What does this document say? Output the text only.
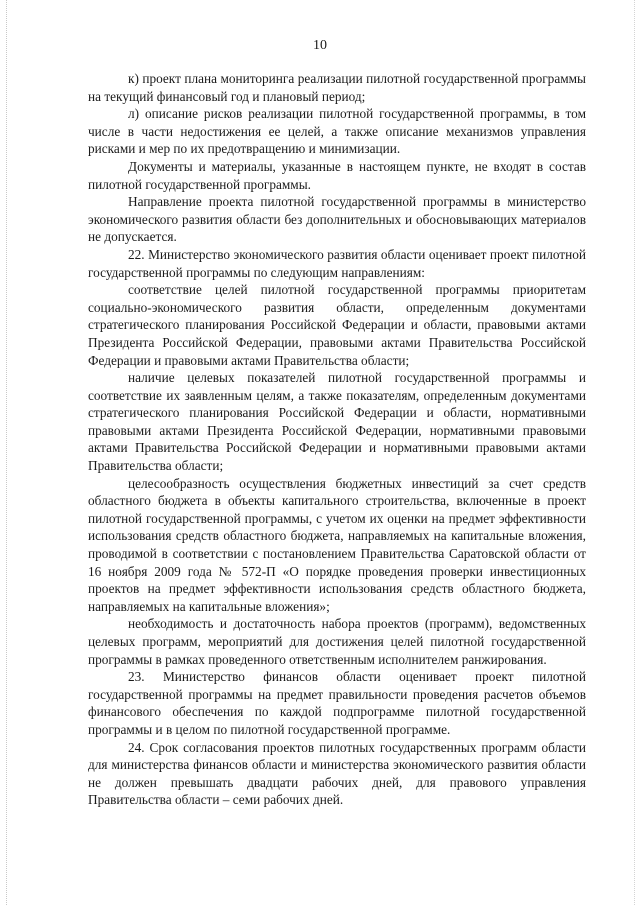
10

к) проект плана мониторинга реализации пилотной государственной программы на текущий финансовый год и плановый период;

л) описание рисков реализации пилотной государственной программы, в том числе в части недостижения ее целей, а также описание механизмов управления рисками и мер по их предотвращению и минимизации.

Документы и материалы, указанные в настоящем пункте, не входят в состав пилотной государственной программы.

Направление проекта пилотной государственной программы в министерство экономического развития области без дополнительных и обосновывающих материалов не допускается.

22. Министерство экономического развития области оценивает проект пилотной государственной программы по следующим направлениям:

соответствие целей пилотной государственной программы приоритетам социально-экономического развития области, определенным документами стратегического планирования Российской Федерации и области, правовыми актами Президента Российской Федерации, правовыми актами Правительства Российской Федерации и правовыми актами Правительства области;

наличие целевых показателей пилотной государственной программы и соответствие их заявленным целям, а также показателям, определенным документами стратегического планирования Российской Федерации и области, нормативными правовыми актами Президента Российской Федерации, нормативными правовыми актами Правительства Российской Федерации и нормативными правовыми актами Правительства области;

целесообразность осуществления бюджетных инвестиций за счет средств областного бюджета в объекты капитального строительства, включенные в проект пилотной государственной программы, с учетом их оценки на предмет эффективности использования средств областного бюджета, направляемых на капитальные вложения, проводимой в соответствии с постановлением Правительства Саратовской области от 16 ноября 2009 года № 572-П «О порядке проведения проверки инвестиционных проектов на предмет эффективности использования средств областного бюджета, направляемых на капитальные вложения»;

необходимость и достаточность набора проектов (программ), ведомственных целевых программ, мероприятий для достижения целей пилотной государственной программы в рамках проведенного ответственным исполнителем ранжирования.

23. Министерство финансов области оценивает проект пилотной государственной программы на предмет правильности проведения расчетов объемов финансового обеспечения по каждой подпрограмме пилотной государственной программы и в целом по пилотной государственной программе.

24. Срок согласования проектов пилотных государственных программ области для министерства финансов области и министерства экономического развития области не должен превышать двадцати рабочих дней, для правового управления Правительства области – семи рабочих дней.
